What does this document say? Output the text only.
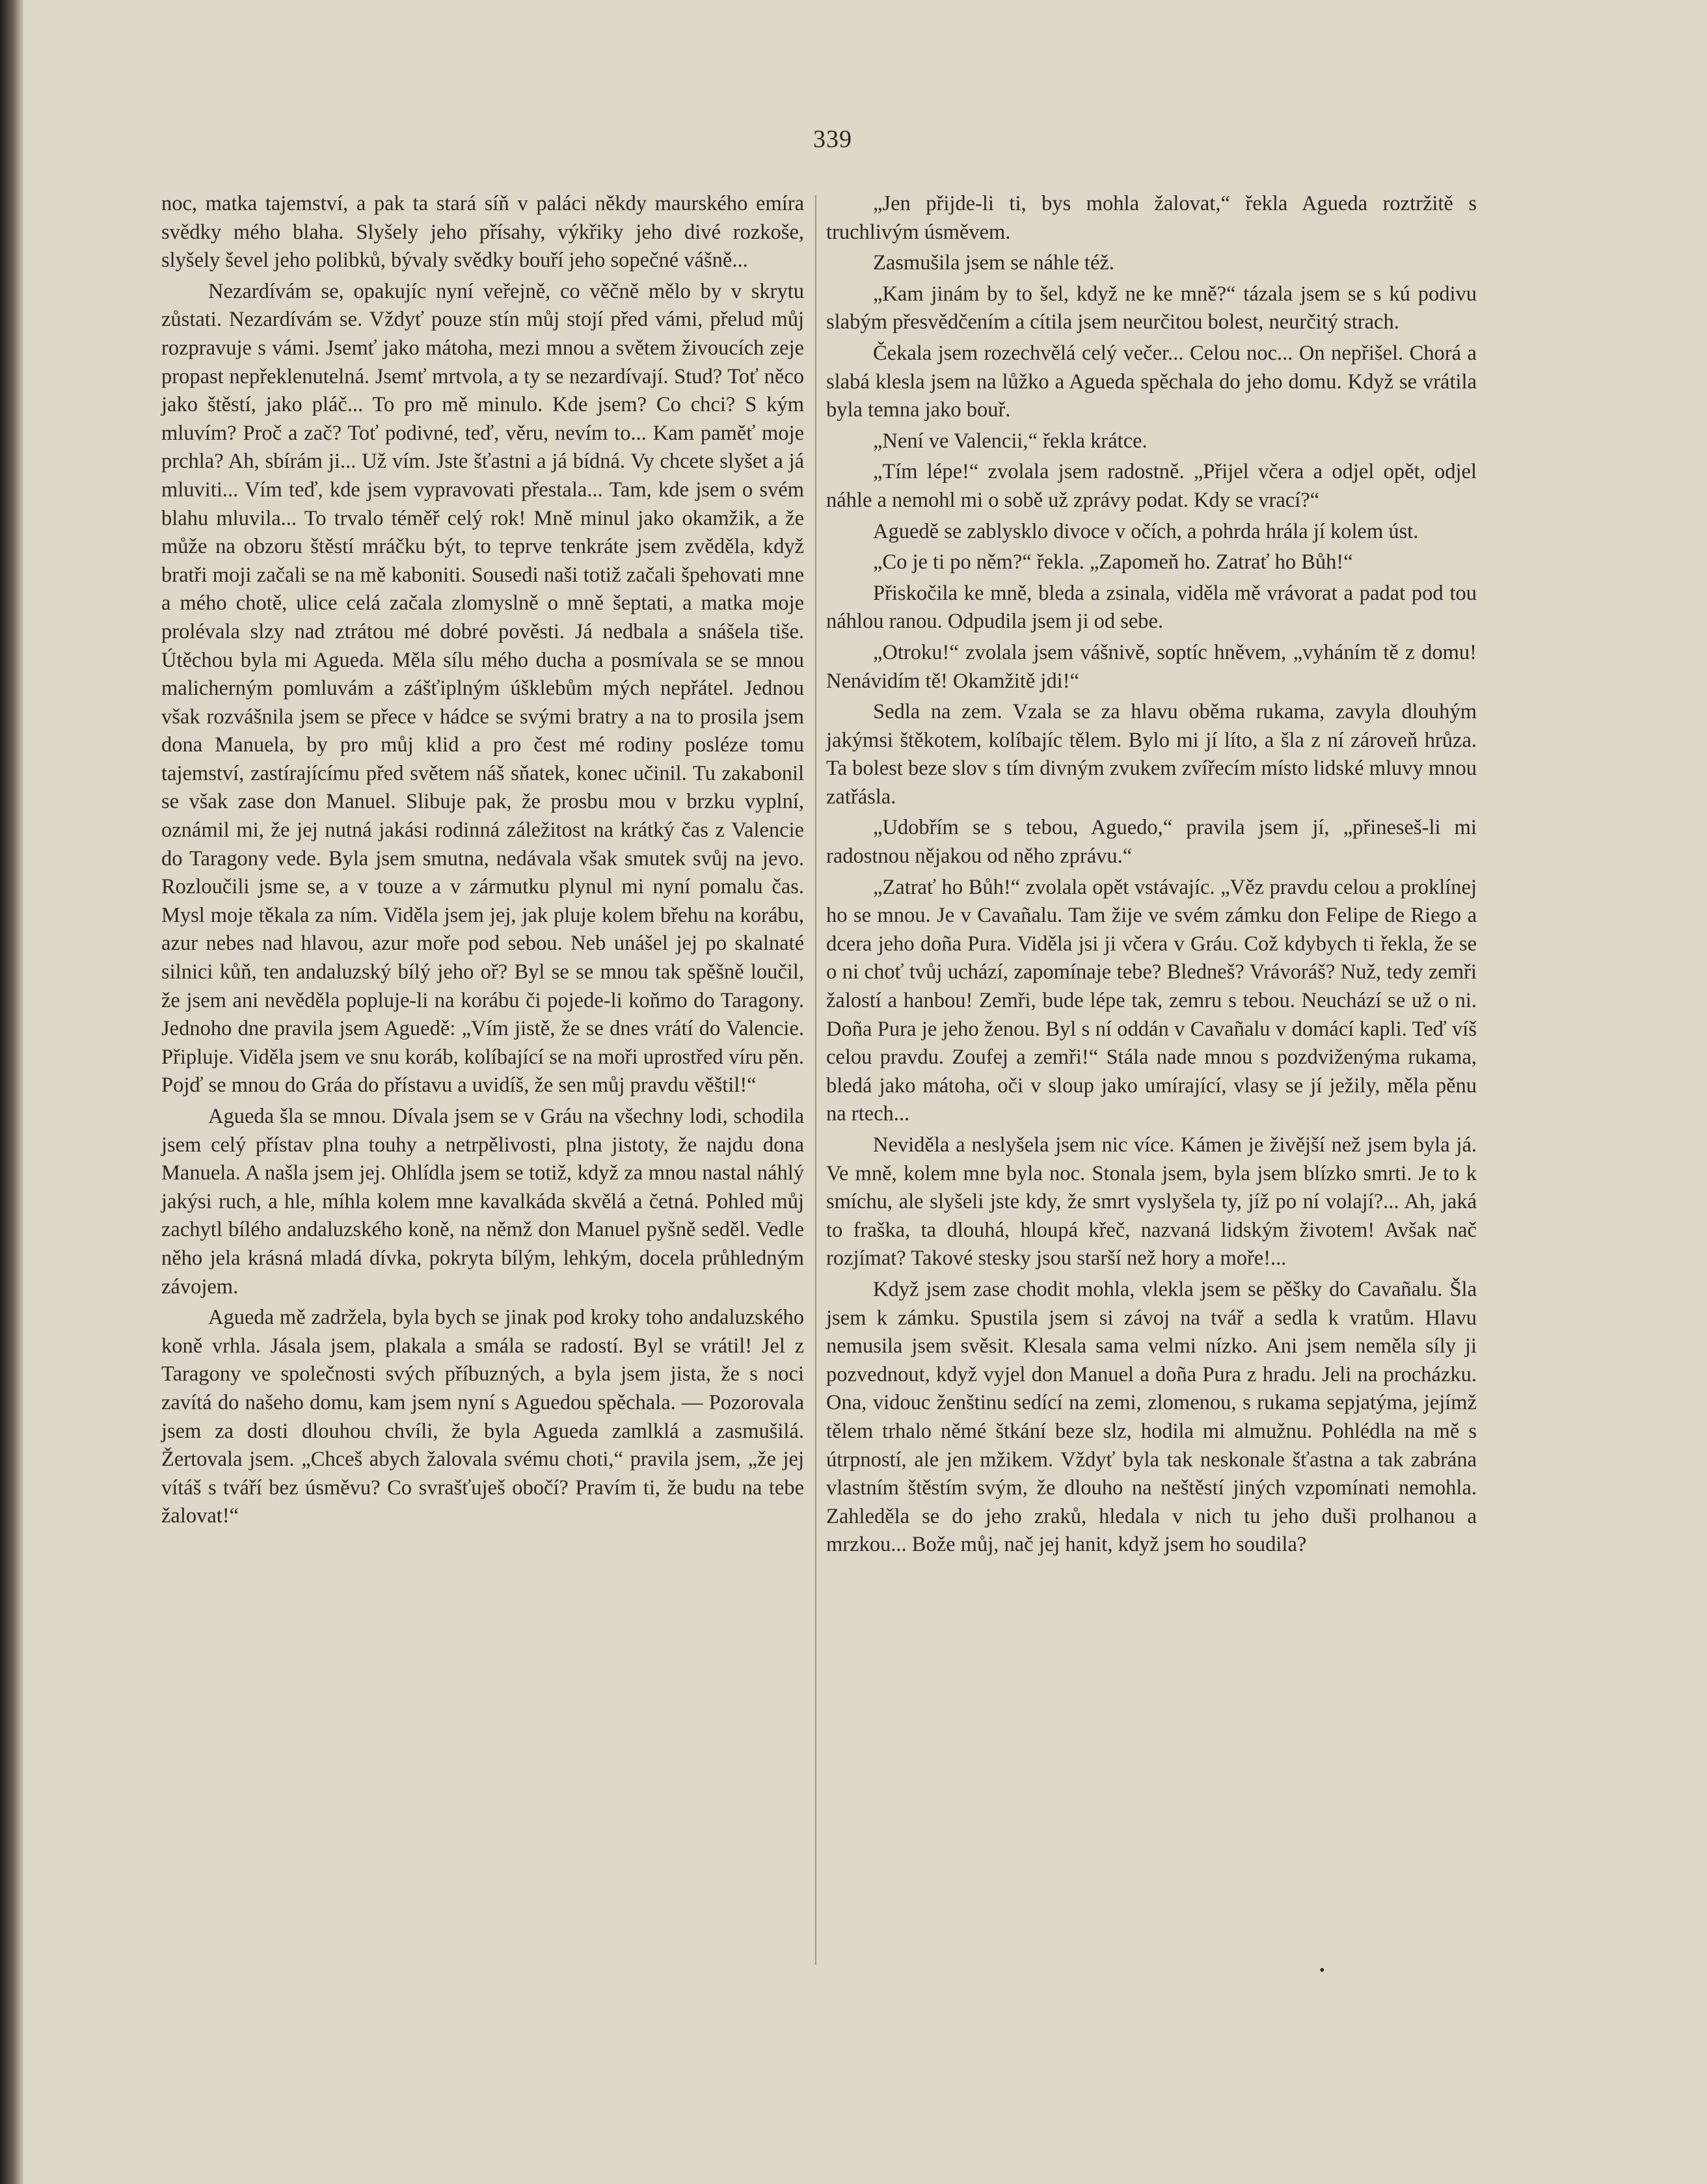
339

noc, matka tajemství, a pak ta stará síň v paláci někdy maurského emíra svědky mého blaha. Slyšely jeho přísahy, výkřiky jeho divé rozkoše, slyšely ševel jeho polibků, bývaly svědky bouří jeho sopečné vášně...

Nezardívám se, opakujíc nyní veřejně, co věčně mělo by v skrytu zůstati. Nezardívám se. Vždyť pouze stín můj stojí před vámi, přelud můj rozpravuje s vámi. Jsemť jako mátoha, mezi mnou a světem živoucích zeje propast nepřeklenutelná. Jsemť mrtvola, a ty se nezardívají. Stud? Toť něco jako štěstí, jako pláč... To pro mě minulo. Kde jsem? Co chci? S kým mluvím? Proč a zač? Toť podivné, teď, věru, nevím to... Kam paměť moje prchla? Ah, sbírám ji... Už vím. Jste šťastni a já bídná. Vy chcete slyšet a já mluviti... Vím teď, kde jsem vypravovati přestala... Tam, kde jsem o svém blahu mluvila... To trvalo téměř celý rok! Mně minul jako okamžik, a že může na obzoru štěstí mráčku být, to teprve tenkráte jsem zvěděla, když bratři moji začali se na mě kaboniti. Sousedi naši totiž začali špehovati mne a mého chotě, ulice celá začala zlomyslně o mně šeptati, a matka moje prolévala slzy nad ztrátou mé dobré pověsti. Já nedbala a snášela tiše. Útěchou byla mi Agueda. Měla sílu mého ducha a posmívala se se mnou malicherným pomluvám a zášťiplným úšklebům mých nepřátel. Jednou však rozvášnila jsem se přece v hádce se svými bratry a na to prosila jsem dona Manuela, by pro můj klid a pro čest mé rodiny posléze tomu tajemství, zastírajícímu před světem náš sňatek, konec učinil. Tu zakabonil se však zase don Manuel. Slibuje pak, že prosbu mou v brzku vyplní, oznámil mi, že jej nutná jakási rodinná záležitost na krátký čas z Valencie do Taragony vede. Byla jsem smutna, nedávala však smutek svůj na jevo. Rozloučili jsme se, a v touze a v zármutku plynul mi nyní pomalu čas. Mysl moje těkala za ním. Viděla jsem jej, jak pluje kolem břehu na korábu, azur nebes nad hlavou, azur moře pod sebou. Neb unášel jej po skalnaté silnici kůň, ten andaluzský bílý jeho oř? Byl se se mnou tak spěšně loučil, že jsem ani nevěděla popluje-li na korábu či pojede-li koňmo do Taragony. Jednoho dne pravila jsem Aguedě: „Vím jistě, že se dnes vrátí do Valencie. Připluje. Viděla jsem ve snu koráb, kolíbající se na moři uprostřed víru pěn. Pojď se mnou do Gráa do přístavu a uvidíš, že sen můj pravdu věštil!“

Agueda šla se mnou. Dívala jsem se v Gráu na všechny lodi, schodila jsem celý přístav plna touhy a netrpělivosti, plna jistoty, že najdu dona Manuela. A našla jsem jej. Ohlídla jsem se totiž, když za mnou nastal náhlý jakýsi ruch, a hle, míhla kolem mne kavalkáda skvělá a četná. Pohled můj zachytl bílého andaluzského koně, na němž don Manuel pyšně seděl. Vedle něho jela krásná mladá dívka, pokryta bílým, lehkým, docela průhledným závojem.

Agueda mě zadržela, byla bych se jinak pod kroky toho andaluzského koně vrhla. Jásala jsem, plakala a smála se radostí. Byl se vrátil! Jel z Taragony ve společnosti svých příbuzných, a byla jsem jista, že s noci zavítá do našeho domu, kam jsem nyní s Aguedou spěchala. — Pozorovala jsem za dosti dlouhou chvíli, že byla Agueda zamlklá a zasmušilá. Žertovala jsem. „Chceš abych žalovala svému choti,“ pravila jsem, „že jej vítáš s tváří bez úsměvu? Co svrašťuješ obočí? Pravím ti, že budu na tebe žalovat!“

„Jen přijde-li ti, bys mohla žalovat,“ řekla Agueda roztržitě s truchlivým úsměvem.

Zasmušila jsem se náhle též.

„Kam jinám by to šel, když ne ke mně?“ tázala jsem se s kú podivu slabým přesvědčením a cítila jsem neurčitou bolest, neurčitý strach.

Čekala jsem rozechvělá celý večer... Celou noc... On nepřišel. Chorá a slabá klesla jsem na lůžko a Agueda spěchala do jeho domu. Když se vrátila byla temna jako bouř.

„Není ve Valencii,“ řekla krátce.

„Tím lépe!“ zvolala jsem radostně. „Přijel včera a odjel opět, odjel náhle a nemohl mi o sobě už zprávy podat. Kdy se vrací?“

Aguedě se zablysklo divoce v očích, a pohrda hrála jí kolem úst.

„Co je ti po něm?“ řekla. „Zapomeň ho. Zatrať ho Bůh!“

Přiskočila ke mně, bleda a zsinala, viděla mě vrávorat a padat pod tou náhlou ranou. Odpudila jsem ji od sebe.

„Otroku!“ zvolala jsem vášnivě, soptíc hněvem, „vyháním tě z domu! Nenávidím tě! Okamžitě jdi!“

Sedla na zem. Vzala se za hlavu oběma rukama, zavyla dlouhým jakýmsi štěkotem, kolíbajíc tělem. Bylo mi jí líto, a šla z ní zároveň hrůza. Ta bolest beze slov s tím divným zvukem zvířecím místo lidské mluvy mnou zatřásla.

„Udobřím se s tebou, Aguedo,“ pravila jsem jí, „přineseš-li mi radostnou nějakou od něho zprávu.“

„Zatrať ho Bůh!“ zvolala opět vstávajíc. „Věz pravdu celou a proklínej ho se mnou. Je v Cavañalu. Tam žije ve svém zámku don Felipe de Riego a dcera jeho doña Pura. Viděla jsi ji včera v Gráu. Což kdybych ti řekla, že se o ni choť tvůj uchází, zapomínaje tebe? Bledneš? Vrávoráš? Nuž, tedy zemři žalostí a hanbou! Zemři, bude lépe tak, zemru s tebou. Neuchází se už o ni. Doña Pura je jeho ženou. Byl s ní oddán v Cavañalu v domácí kapli. Teď víš celou pravdu. Zoufej a zemři!“ Stála nade mnou s pozdviženýma rukama, bledá jako mátoha, oči v sloup jako umírající, vlasy se jí ježily, měla pěnu na rtech...

Neviděla a neslyšela jsem nic více. Kámen je živější než jsem byla já. Ve mně, kolem mne byla noc. Stonala jsem, byla jsem blízko smrti. Je to k smíchu, ale slyšeli jste kdy, že smrt vyslyšela ty, jíž po ní volají?... Ah, jaká to fraška, ta dlouhá, hloupá křeč, nazvaná lidským životem! Avšak nač rozjímat? Takové stesky jsou starší než hory a moře!...

Když jsem zase chodit mohla, vlekla jsem se pěšky do Cavañalu. Šla jsem k zámku. Spustila jsem si závoj na tvář a sedla k vratům. Hlavu nemusila jsem svěsit. Klesala sama velmi nízko. Ani jsem neměla síly ji pozvednout, když vyjel don Manuel a doña Pura z hradu. Jeli na procházku. Ona, vidouc ženštinu sedící na zemi, zlomenou, s rukama sepjatýma, jejímž tělem trhalo němé štkání beze slz, hodila mi almužnu. Pohlédla na mě s útrpností, ale jen mžikem. Vždyť byla tak neskonale šťastna a tak zabrána vlastním štěstím svým, že dlouho na neštěstí jiných vzpomínati nemohla. Zahleděla se do jeho zraků, hledala v nich tu jeho duši prolhanou a mrzkou... Bože můj, nač jej hanit, když jsem ho soudila?

•
